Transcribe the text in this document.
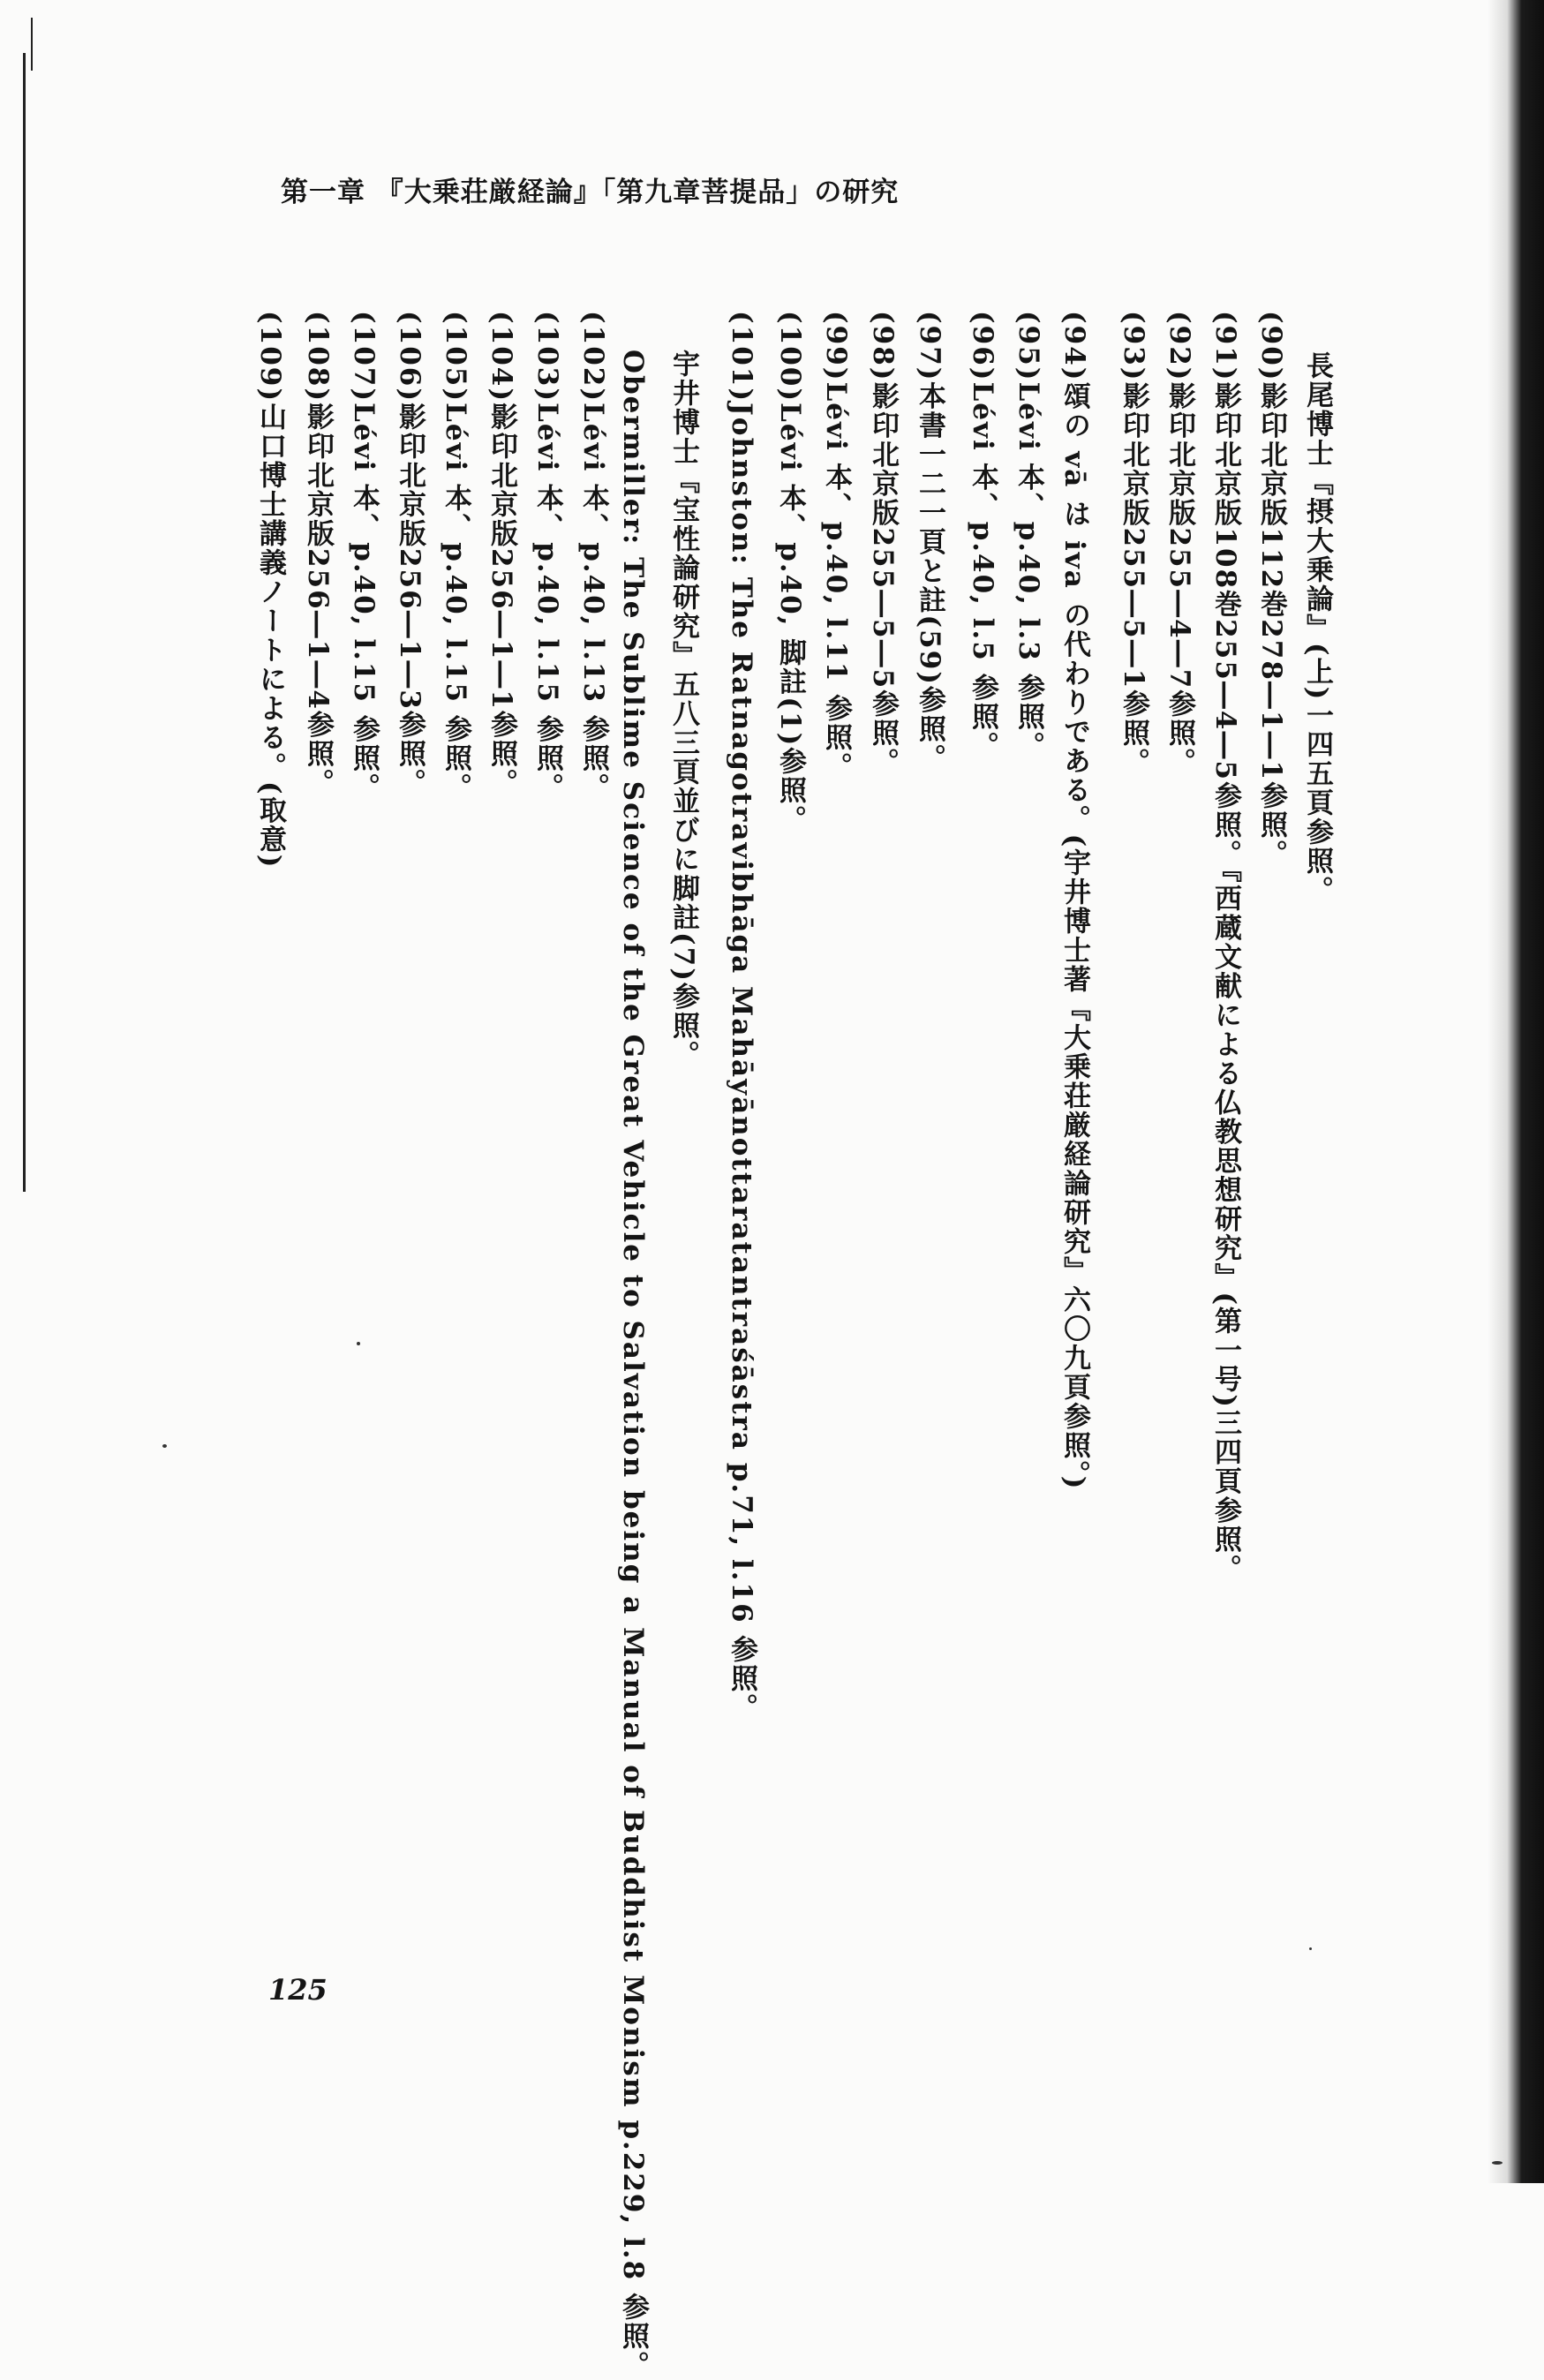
第一章 『大乗荘厳経論』「第九章菩提品」の研究
長尾博士『摂大乗論』(上)一四五頁参照。
(90)影印北京版112巻278―1―1参照。
(91)影印北京版108巻255―4―5参照。『西蔵文献による仏教思想研究』(第一号)三四頁参照。
(92)影印北京版255―4―7参照。
(93)影印北京版255―5―1参照。
(94)頌の vā は iva の代わりである。(宇井博士著『大乗荘厳経論研究』六〇九頁参照。)
(95)Lévi 本、p.40, l.3 参照。
(96)Lévi 本、p.40, l.5 参照。
(97)本書一二一頁と註(59)参照。
(98)影印北京版255―5―5参照。
(99)Lévi 本、p.40, l.11 参照。
(100)Lévi 本、p.40, 脚註(1)参照。
(101)Johnston: The Ratnagotravibhāga Mahāyānottaratantraśāstra p.71, l.16 参照。
宇井博士『宝性論研究』五八三頁並びに脚註(7)参照。
Obermiller: The Sublime Science of the Great Vehicle to Salvation being a Manual of Buddhist Monism p.229, l.8 参照。
(102)Lévi 本、p.40, l.13 参照。
(103)Lévi 本、p.40, l.15 参照。
(104)影印北京版256―1―1参照。
(105)Lévi 本、p.40, l.15 参照。
(106)影印北京版256―1―3参照。
(107)Lévi 本、p.40, l.15 参照。
(108)影印北京版256―1―4参照。
(109)山口博士講義ノートによる。(取意)
125
